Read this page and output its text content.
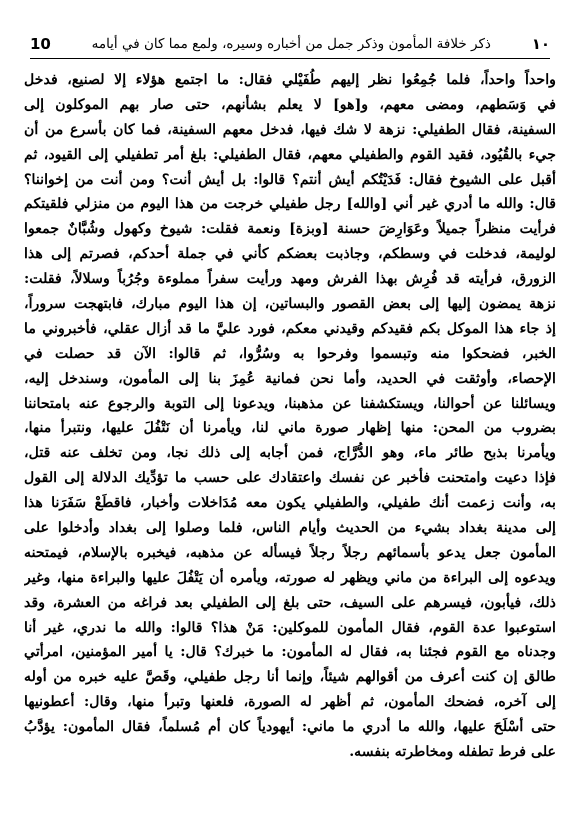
10	ذكر خلافة المأمون وذكر جمل من أخباره وسيره، ولمع مما كان في أيامه	١٠
واحداً واحداً، فلما جُمِعُوا نظر إليهم طُفَيْلي فقال: ما اجتمع هؤلاء إلا لصنيع، فدخل
في وَسَطهم، ومضى معهم، و[هو] لا يعلم بشأنهم، حتى صار بهم الموكلون إلى
السفينة، فقال الطفيلي: نزهة لا شك فيها، فدخل معهم السفينة، فما كان بأسرع من أن
جيء بالقُيُود، فقيد القوم والطفيلي معهم، فقال الطفيلي: بلغ أمر تطفيلي إلى القيود، ثم
أقبل على الشيوخ فقال: فَدَيْتُكم أيش أنتم؟ قالوا: بل أيش أنت؟ ومن أنت من إخواننا؟
قال: والله ما أدري غير أني [والله] رجل طفيلي خرجت من هذا اليوم من منزلي فلقيتكم
فرأيت منظراً جميلاً وعَوَارِضَ حسنة [وبزة] ونعمة فقلت: شيوخ وكهول وشُبَّانٌ جمعوا
لوليمة، فدخلت في وسطكم، وجاذبت بعضكم كأني في جملة أحدكم، فصرتم إلى هذا
الزورق، فرأيته قد فُرِش بهذا الفرش ومهد ورأيت سفراً مملوءة وجُرُباً وسلالاً، فقلت:
نزهة يمضون إليها إلى بعض القصور والبساتين، إن هذا اليوم مبارك، فابتهجت سروراً،
إذ جاء هذا الموكل بكم فقيدكم وقيدني معكم، فورد عليَّ ما قد أزال عقلي، فأخبروني ما
الخبر، فضحكوا منه وتبسموا وفرحوا به وسُرُّوا، ثم قالوا: الآن قد حصلت في
الإحصاء، وأوثقت في الحديد، وأما نحن فمانية عُمِزَ بنا إلى المأمون، وسندخل إليه،
ويسائلنا عن أحوالنا، ويستكشفنا عن مذهبنا، ويدعونا إلى التوبة والرجوع عنه بامتحاننا
بضروب من المحن: منها إظهار صورة ماني لنا، ويأمرنا أن نَتْفُلَ عليها، ونتبرأ منها،
ويأمرنا بذبح طائر ماء، وهو الدُّرَّاج، فمن أجابه إلى ذلك نجا، ومن تخلف عنه قتل،
فإذا دعيت وامتحنت فأخبر عن نفسك واعتقادك على حسب ما تؤدِّيك الدلالة إلى القول
به، وأنت زعمت أنك طفيلي، والطفيلي يكون معه مُدَاخلات وأخبار، فاقطَعْ سَفَرَنا هذا
إلى مدينة بغداد بشيء من الحديث وأيام الناس، فلما وصلوا إلى بغداد وأدخلوا على
المأمون جعل يدعو بأسمائهم رجلاً رجلاً فيسأله عن مذهبه، فيخبره بالإسلام، فيمتحنه
ويدعوه إلى البراءة من ماني ويظهر له صورته، ويأمره أن يَتْفُلَ عليها والبراءة منها، وغير
ذلك، فيأبون، فيسرهم على السيف، حتى بلغ إلى الطفيلي بعد فراغه من العشرة، وقد
استوعبوا عدة القوم، فقال المأمون للموكلين: مَنْ هذا؟ قالوا: والله ما ندري، غير أنا
وجدناه مع القوم فجئنا به، فقال له المأمون: ما خبرك؟ قال: يا أمير المؤمنين، امرأتي
طالق إن كنت أعرف من أقوالهم شيئاً، وإنما أنا رجل طفيلي، وقَصَّ عليه خبره من أوله
إلى آخره، فضحك المأمون، ثم أظهر له الصورة، فلعنها وتبرأ منها، وقال: أعطونيها
حتى أسْلَحَ عليها، والله ما أدري ما ماني: أيهودياً كان أم مُسلماً، فقال المأمون: يؤدَّبُ
على فرط تطفله ومخاطرته بنفسه.
